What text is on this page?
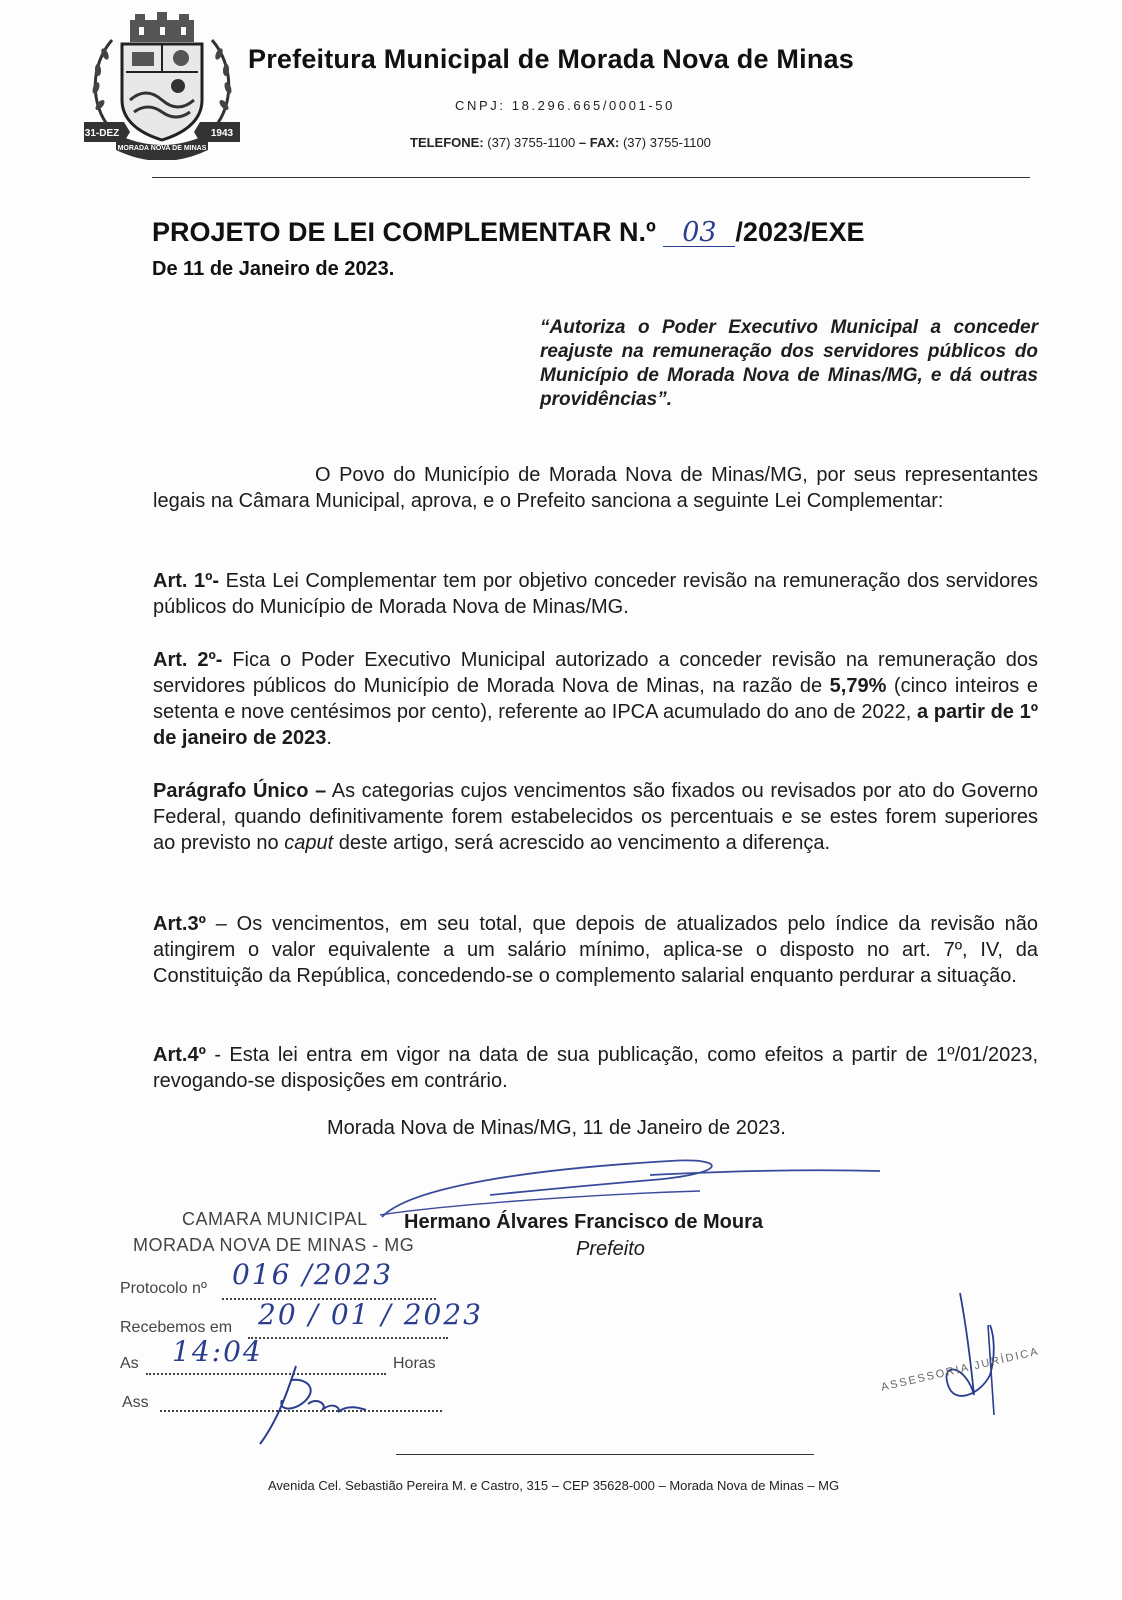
31-DEZ	1943
MORADA NOVA DE MINAS
Prefeitura Municipal de Morada Nova de Minas
CNPJ: 18.296.665/0001-50
TELEFONE: (37) 3755-1100 – FAX: (37) 3755-1100
PROJETO DE LEI COMPLEMENTAR N.º 03 /2023/EXE
De 11 de Janeiro de 2023.
“Autoriza o Poder Executivo Municipal a conceder reajuste na remuneração dos servidores públicos do Município de Morada Nova de Minas/MG, e dá outras providências”.
O Povo do Município de Morada Nova de Minas/MG, por seus representantes legais na Câmara Municipal, aprova, e o Prefeito sanciona a seguinte Lei Complementar:
Art. 1º- Esta Lei Complementar tem por objetivo conceder revisão na remuneração dos servidores públicos do Município de Morada Nova de Minas/MG.
Art. 2º- Fica o Poder Executivo Municipal autorizado a conceder revisão na remuneração dos servidores públicos do Município de Morada Nova de Minas, na razão de 5,79% (cinco inteiros e setenta e nove centésimos por cento), referente ao IPCA acumulado do ano de 2022, a partir de 1º de janeiro de 2023.
Parágrafo Único – As categorias cujos vencimentos são fixados ou revisados por ato do Governo Federal, quando definitivamente forem estabelecidos os percentuais e se estes forem superiores ao previsto no caput deste artigo, será acrescido ao vencimento a diferença.
Art.3º – Os vencimentos, em seu total, que depois de atualizados pelo índice da revisão não atingirem o valor equivalente a um salário mínimo, aplica-se o disposto no art. 7º, IV, da Constituição da República, concedendo-se o complemento salarial enquanto perdurar a situação.
Art.4º - Esta lei entra em vigor na data de sua publicação, como efeitos a partir de 1º/01/2023, revogando-se disposições em contrário.
Morada Nova de Minas/MG, 11 de Janeiro de 2023.
CAMARA MUNICIPAL
MORADA NOVA DE MINAS - MG
Hermano Álvares Francisco de Moura
Prefeito
Protocolo nº 016 /2023
Recebemos em 20 / 01 / 2023
As 14:04	Horas
Ass
ASSESSORIA JURÍDICA
Avenida Cel. Sebastião Pereira M. e Castro, 315 – CEP 35628-000 – Morada Nova de Minas – MG
